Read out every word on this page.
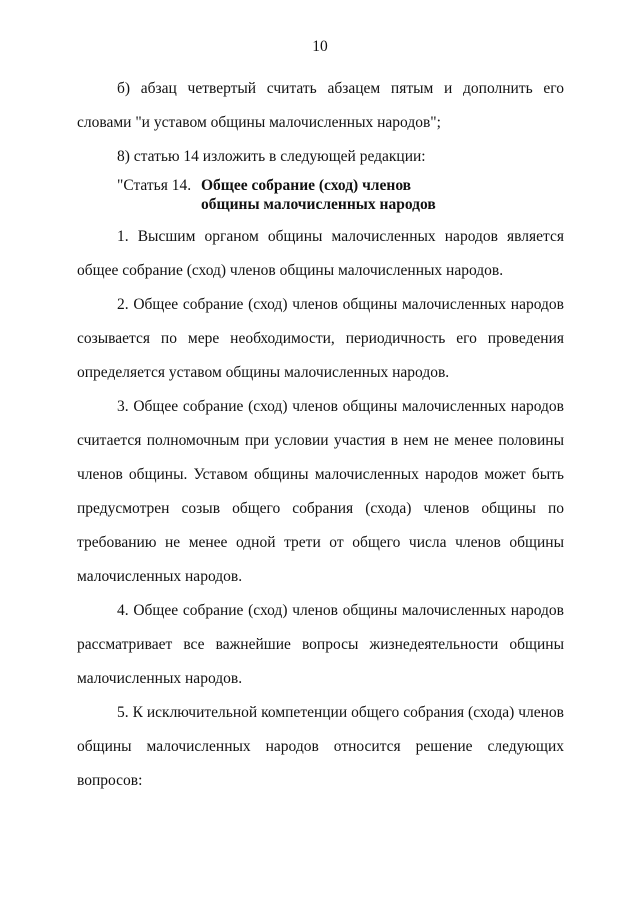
10

б) абзац четвертый считать абзацем пятым и дополнить его словами "и уставом общины малочисленных народов";

8) статью 14 изложить в следующей редакции:

"Статья 14. Общее собрание (сход) членов общины малочисленных народов

1. Высшим органом общины малочисленных народов является общее собрание (сход) членов общины малочисленных народов.

2. Общее собрание (сход) членов общины малочисленных народов созывается по мере необходимости, периодичность его проведения определяется уставом общины малочисленных народов.

3. Общее собрание (сход) членов общины малочисленных народов считается полномочным при условии участия в нем не менее половины членов общины. Уставом общины малочисленных народов может быть предусмотрен созыв общего собрания (схода) членов общины по требованию не менее одной трети от общего числа членов общины малочисленных народов.

4. Общее собрание (сход) членов общины малочисленных народов рассматривает все важнейшие вопросы жизнедеятельности общины малочисленных народов.

5. К исключительной компетенции общего собрания (схода) членов общины малочисленных народов относится решение следующих вопросов:
